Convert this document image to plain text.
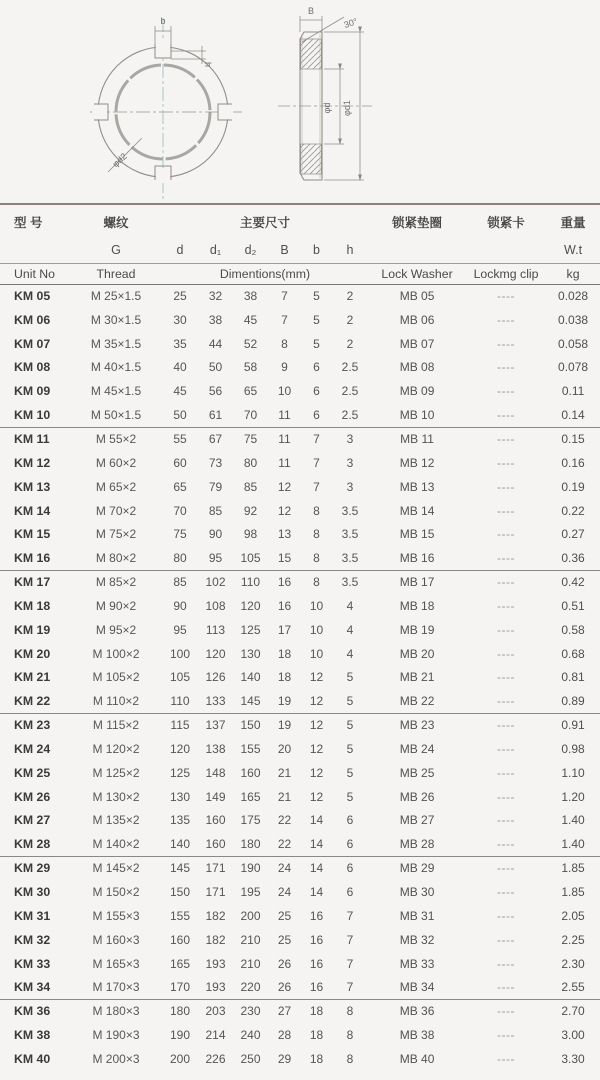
b
h
φd2
B
30°
φd φd1
型 号	螺纹	主要尺寸						锁紧垫圈	锁紧卡	重量
	G	d	d₁	d₂	B	b	h			W.t
Unit No	Thread	Dimentions(mm)						Lock Washer	Lockmg clip	kg
KM 05	M 25×1.5	25	32	38	7	5	2	MB 05	----	0.028
KM 06	M 30×1.5	30	38	45	7	5	2	MB 06	----	0.038
KM 07	M 35×1.5	35	44	52	8	5	2	MB 07	----	0.058
KM 08	M 40×1.5	40	50	58	9	6	2.5	MB 08	----	0.078
KM 09	M 45×1.5	45	56	65	10	6	2.5	MB 09	----	0.11
KM 10	M 50×1.5	50	61	70	11	6	2.5	MB 10	----	0.14
KM 11	M 55×2	55	67	75	11	7	3	MB 11	----	0.15
KM 12	M 60×2	60	73	80	11	7	3	MB 12	----	0.16
KM 13	M 65×2	65	79	85	12	7	3	MB 13	----	0.19
KM 14	M 70×2	70	85	92	12	8	3.5	MB 14	----	0.22
KM 15	M 75×2	75	90	98	13	8	3.5	MB 15	----	0.27
KM 16	M 80×2	80	95	105	15	8	3.5	MB 16	----	0.36
KM 17	M 85×2	85	102	110	16	8	3.5	MB 17	----	0.42
KM 18	M 90×2	90	108	120	16	10	4	MB 18	----	0.51
KM 19	M 95×2	95	113	125	17	10	4	MB 19	----	0.58
KM 20	M 100×2	100	120	130	18	10	4	MB 20	----	0.68
KM 21	M 105×2	105	126	140	18	12	5	MB 21	----	0.81
KM 22	M 110×2	110	133	145	19	12	5	MB 22	----	0.89
KM 23	M 115×2	115	137	150	19	12	5	MB 23	----	0.91
KM 24	M 120×2	120	138	155	20	12	5	MB 24	----	0.98
KM 25	M 125×2	125	148	160	21	12	5	MB 25	----	1.10
KM 26	M 130×2	130	149	165	21	12	5	MB 26	----	1.20
KM 27	M 135×2	135	160	175	22	14	6	MB 27	----	1.40
KM 28	M 140×2	140	160	180	22	14	6	MB 28	----	1.40
KM 29	M 145×2	145	171	190	24	14	6	MB 29	----	1.85
KM 30	M 150×2	150	171	195	24	14	6	MB 30	----	1.85
KM 31	M 155×3	155	182	200	25	16	7	MB 31	----	2.05
KM 32	M 160×3	160	182	210	25	16	7	MB 32	----	2.25
KM 33	M 165×3	165	193	210	26	16	7	MB 33	----	2.30
KM 34	M 170×3	170	193	220	26	16	7	MB 34	----	2.55
KM 36	M 180×3	180	203	230	27	18	8	MB 36	----	2.70
KM 38	M 190×3	190	214	240	28	18	8	MB 38	----	3.00
KM 40	M 200×3	200	226	250	29	18	8	MB 40	----	3.30
